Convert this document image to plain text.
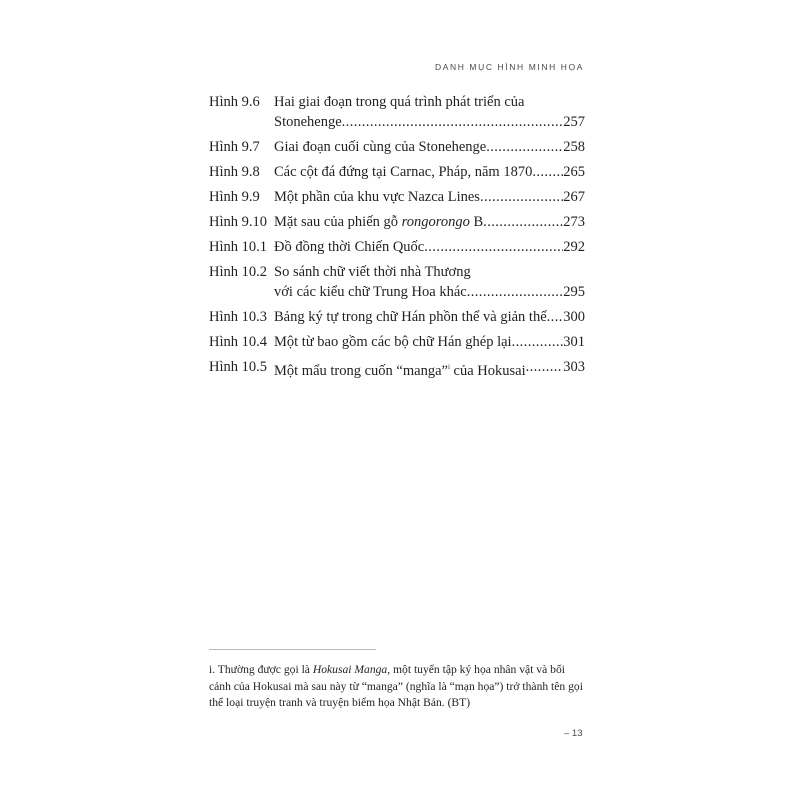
DANH MỤC HÌNH MINH HỌA
Hình 9.6 Hai giai đoạn trong quá trình phát triển của
Stonehenge .....	257
Hình 9.7 Giai đoạn cuối cùng của Stonehenge .....	258
Hình 9.8 Các cột đá đứng tại Carnac, Pháp, năm 1870 ..... 265
Hình 9.9 Một phần của khu vực Nazca Lines .....	267
Hình 9.10 Mặt sau của phiến gỗ rongorongo B .....	273
Hình 10.1 Đồ đồng thời Chiến Quốc .....	292
Hình 10.2 So sánh chữ viết thời nhà Thương
với các kiểu chữ Trung Hoa khác .....	295
Hình 10.3 Bảng ký tự trong chữ Hán phồn thể và giản thể ..... 300
Hình 10.4 Một từ bao gồm các bộ chữ Hán ghép lại .....	301
Hình 10.5 Một mẩu trong cuốn “manga”$^i$ của Hokusai .....	303
i. Thường được gọi là Hokusai Manga, một tuyển tập ký họa nhân vật và bối cảnh của Hokusai mà sau này từ “manga” (nghĩa là “mạn họa”) trở thành tên gọi thể loại truyện tranh và truyện biếm họa Nhật Bản. (BT)
– 13
